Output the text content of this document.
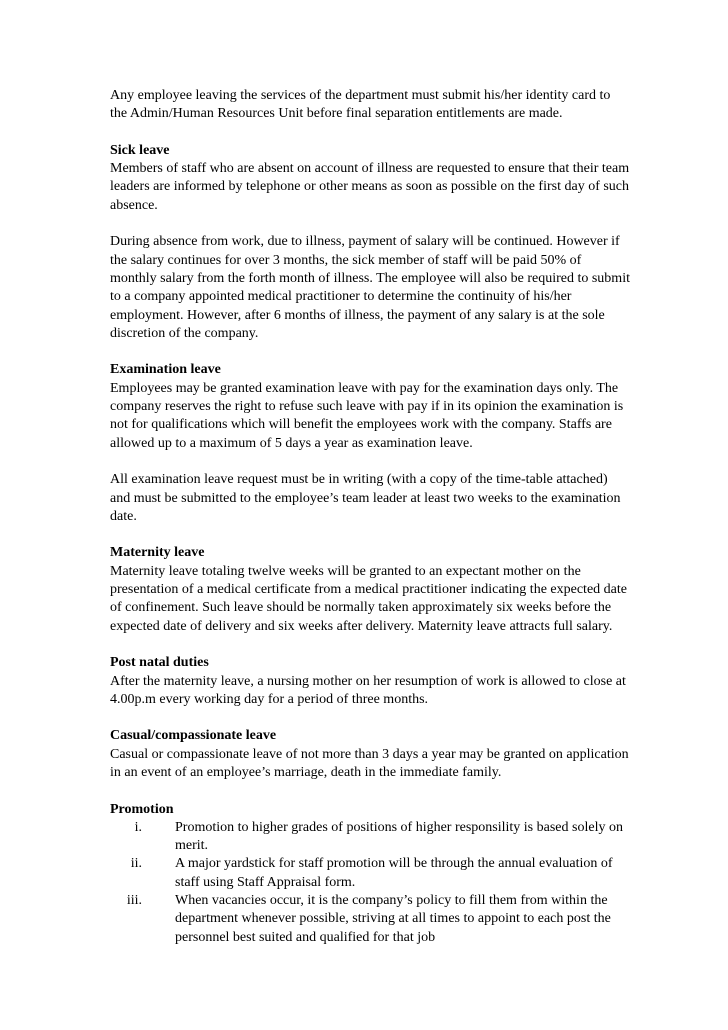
Any employee leaving the services of the department must submit his/her identity card to the Admin/Human Resources Unit before final separation entitlements are made.

Sick leave
Members of staff who are absent on account of illness are requested to ensure that their team leaders are informed by telephone or other means as soon as possible on the first day of such absence.

During absence from work, due to illness, payment of salary will be continued. However if the salary continues for over 3 months, the sick member of staff will be paid 50% of monthly salary from the forth month of illness. The employee will also be required to submit to a company appointed medical practitioner to determine the continuity of his/her employment. However, after 6 months of illness, the payment of any salary is at the sole discretion of the company.

Examination leave
Employees may be granted examination leave with pay for the examination days only. The company reserves the right to refuse such leave with pay if in its opinion the examination is not for qualifications which will benefit the employees work with the company. Staffs are allowed up to a maximum of 5 days a year as examination leave.

All examination leave request must be in writing (with a copy of the time-table attached) and must be submitted to the employee’s team leader at least two weeks to the examination date.

Maternity leave
Maternity leave totaling twelve weeks will be granted to an expectant mother on the presentation of a medical certificate from a medical practitioner indicating the expected date of confinement. Such leave should be normally taken approximately six weeks before the expected date of delivery and six weeks after delivery. Maternity leave attracts full salary.
Post natal duties
After the maternity leave, a nursing mother on her resumption of work is allowed to close at 4.00p.m every working day for a period of three months.
Casual/compassionate leave
Casual or compassionate leave of not more than 3 days a year may be granted on application in an event of an employee’s marriage, death in the immediate family.
Promotion
i. Promotion to higher grades of positions of higher responsility is based solely on merit.
ii. A major yardstick for staff promotion will be through the annual evaluation of staff using Staff Appraisal form.
iii. When vacancies occur, it is the company’s policy to fill them from within the department whenever possible, striving at all times to appoint to each post the personnel best suited and qualified for that job
